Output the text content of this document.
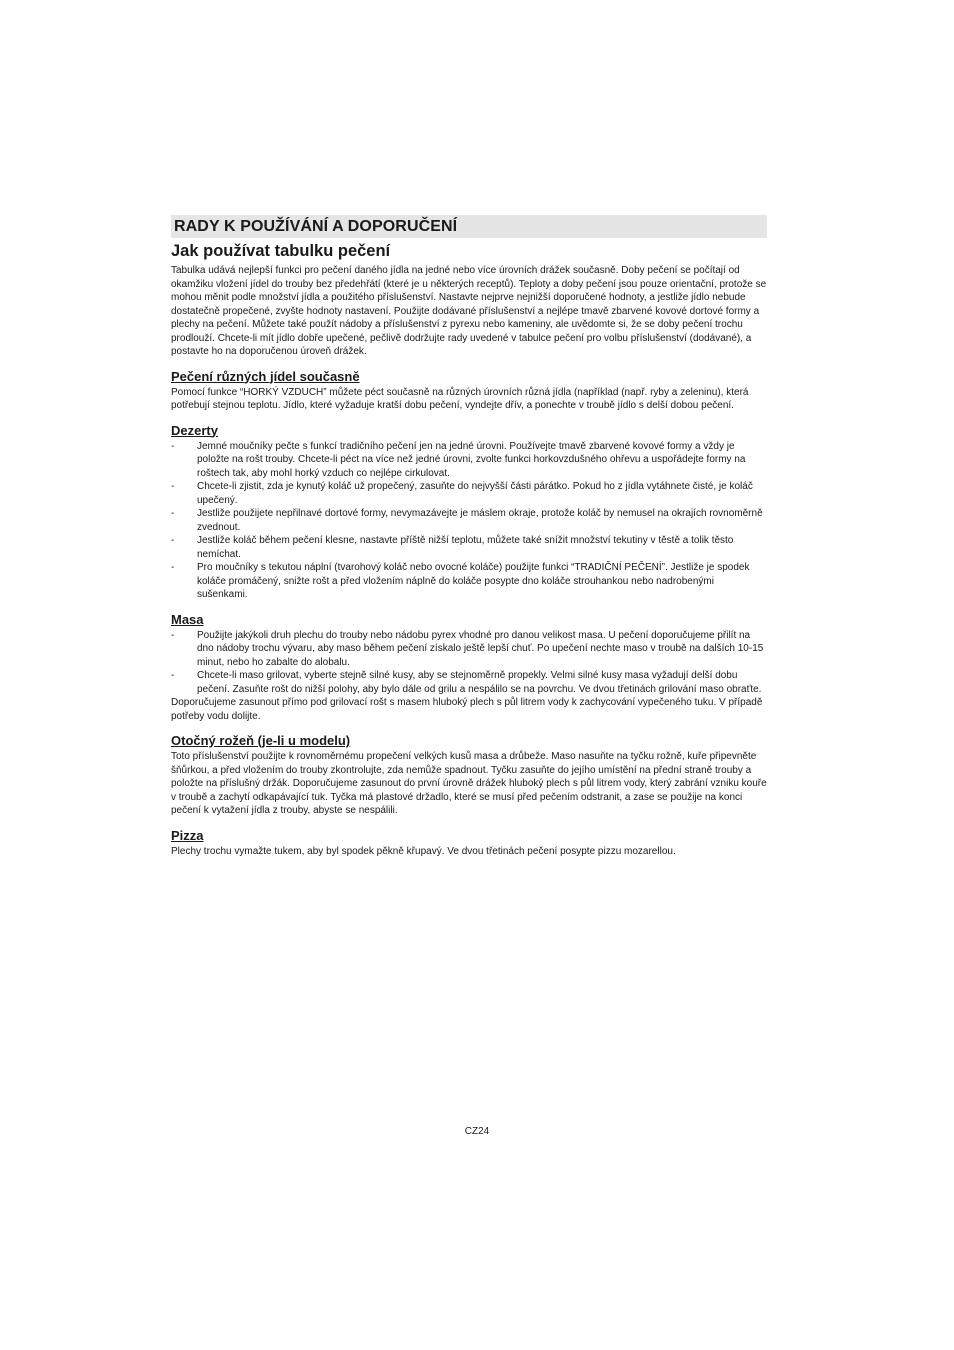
RADY K POUŽÍVÁNÍ A DOPORUČENÍ
Jak používat tabulku pečení

Tabulka udává nejlepší funkci pro pečení daného jídla na jedné nebo více úrovních drážek současně. Doby pečení se počítají od okamžiku vložení jídel do trouby bez předehřátí (které je u některých receptů). Teploty a doby pečení jsou pouze orientační, protože se mohou měnit podle množství jídla a použitého příslušenství. Nastavte nejprve nejnižší doporučené hodnoty, a jestliže jídlo nebude dostatečně propečené, zvyšte hodnoty nastavení. Použijte dodávané příslušenství a nejlépe tmavě zbarvené kovové dortové formy a plechy na pečení. Můžete také použít nádoby a příslušenství z pyrexu nebo kameniny, ale uvědomte si, že se doby pečení trochu prodlouží. Chcete-li mít jídlo dobře upečené, pečlivě dodržujte rady uvedené v tabulce pečení pro volbu příslušenství (dodávané), a postavte ho na doporučenou úroveň drážek.

Pečení různých jídel současně

Pomocí funkce “HORKÝ VZDUCH” můžete péct současně na různých úrovních různá jídla (například (např. ryby a zeleninu), která potřebují stejnou teplotu. Jídlo, které vyžaduje kratší dobu pečení, vyndejte dřív, a ponechte v troubě jídlo s delší dobou pečení.

Dezerty
- Jemné moučníky pečte s funkcí tradičního pečení jen na jedné úrovni. Používejte tmavě zbarvené kovové formy a vždy je položte na rošt trouby. Chcete-li péct na více než jedné úrovni, zvolte funkci horkovzdušného ohřevu a uspořádejte formy na roštech tak, aby mohl horký vzduch co nejlépe cirkulovat.
- Chcete-li zjistit, zda je kynutý koláč už propečený, zasuňte do nejvyšší části párátko. Pokud ho z jídla vytáhnete čisté, je koláč upečený.
- Jestliže použijete nepřilnavé dortové formy, nevymazávejte je máslem okraje, protože koláč by nemusel na okrajích rovnoměrně zvednout.
- Jestliže koláč během pečení klesne, nastavte příště nižší teplotu, můžete také snížit množství tekutiny v těstě a tolik těsto nemíchat.
- Pro moučníky s tekutou náplní (tvarohový koláč nebo ovocné koláče) použijte funkci “TRADIČNÍ PEČENÍ”. Jestliže je spodek koláče promáčený, snižte rošt a před vložením náplně do koláče posypte dno koláče strouhankou nebo nadrobenými sušenkami.
Masa
- Použijte jakýkoli druh plechu do trouby nebo nádobu pyrex vhodné pro danou velikost masa. U pečení doporučujeme přilít na dno nádoby trochu vývaru, aby maso během pečení získalo ještě lepší chuť. Po upečení nechte maso v troubě na dalších 10-15 minut, nebo ho zabalte do alobalu.
- Chcete-li maso grilovat, vyberte stejně silné kusy, aby se stejnoměrně propekly. Velmi silné kusy masa vyžadují delší dobu pečení. Zasuňte rošt do nižší polohy, aby bylo dále od grilu a nespálilo se na povrchu. Ve dvou třetinách grilování maso obraťte.

Doporučujeme zasunout přímo pod grilovací rošt s masem hluboký plech s půl litrem vody k zachycování vypečeného tuku. V případě potřeby vodu dolijte.

Otočný rožeň (je-li u modelu)

Toto příslušenství použijte k rovnoměrnému propečení velkých kusů masa a drůbeže. Maso nasuňte na tyčku rožně, kuře připevněte šňůrkou, a před vložením do trouby zkontrolujte, zda nemůže spadnout. Tyčku zasuňte do jejího umístění na přední straně trouby a položte na příslušný držák. Doporučujeme zasunout do první úrovně drážek hluboký plech s půl litrem vody, který zabrání vzniku kouře v troubě a zachytí odkapávající tuk. Tyčka má plastové držadlo, které se musí před pečením odstranit, a zase se použije na konci pečení k vytažení jídla z trouby, abyste se nespálili.

Pizza

Plechy trochu vymažte tukem, aby byl spodek pěkně křupavý. Ve dvou třetinách pečení posypte pizzu mozarellou.

CZ24
